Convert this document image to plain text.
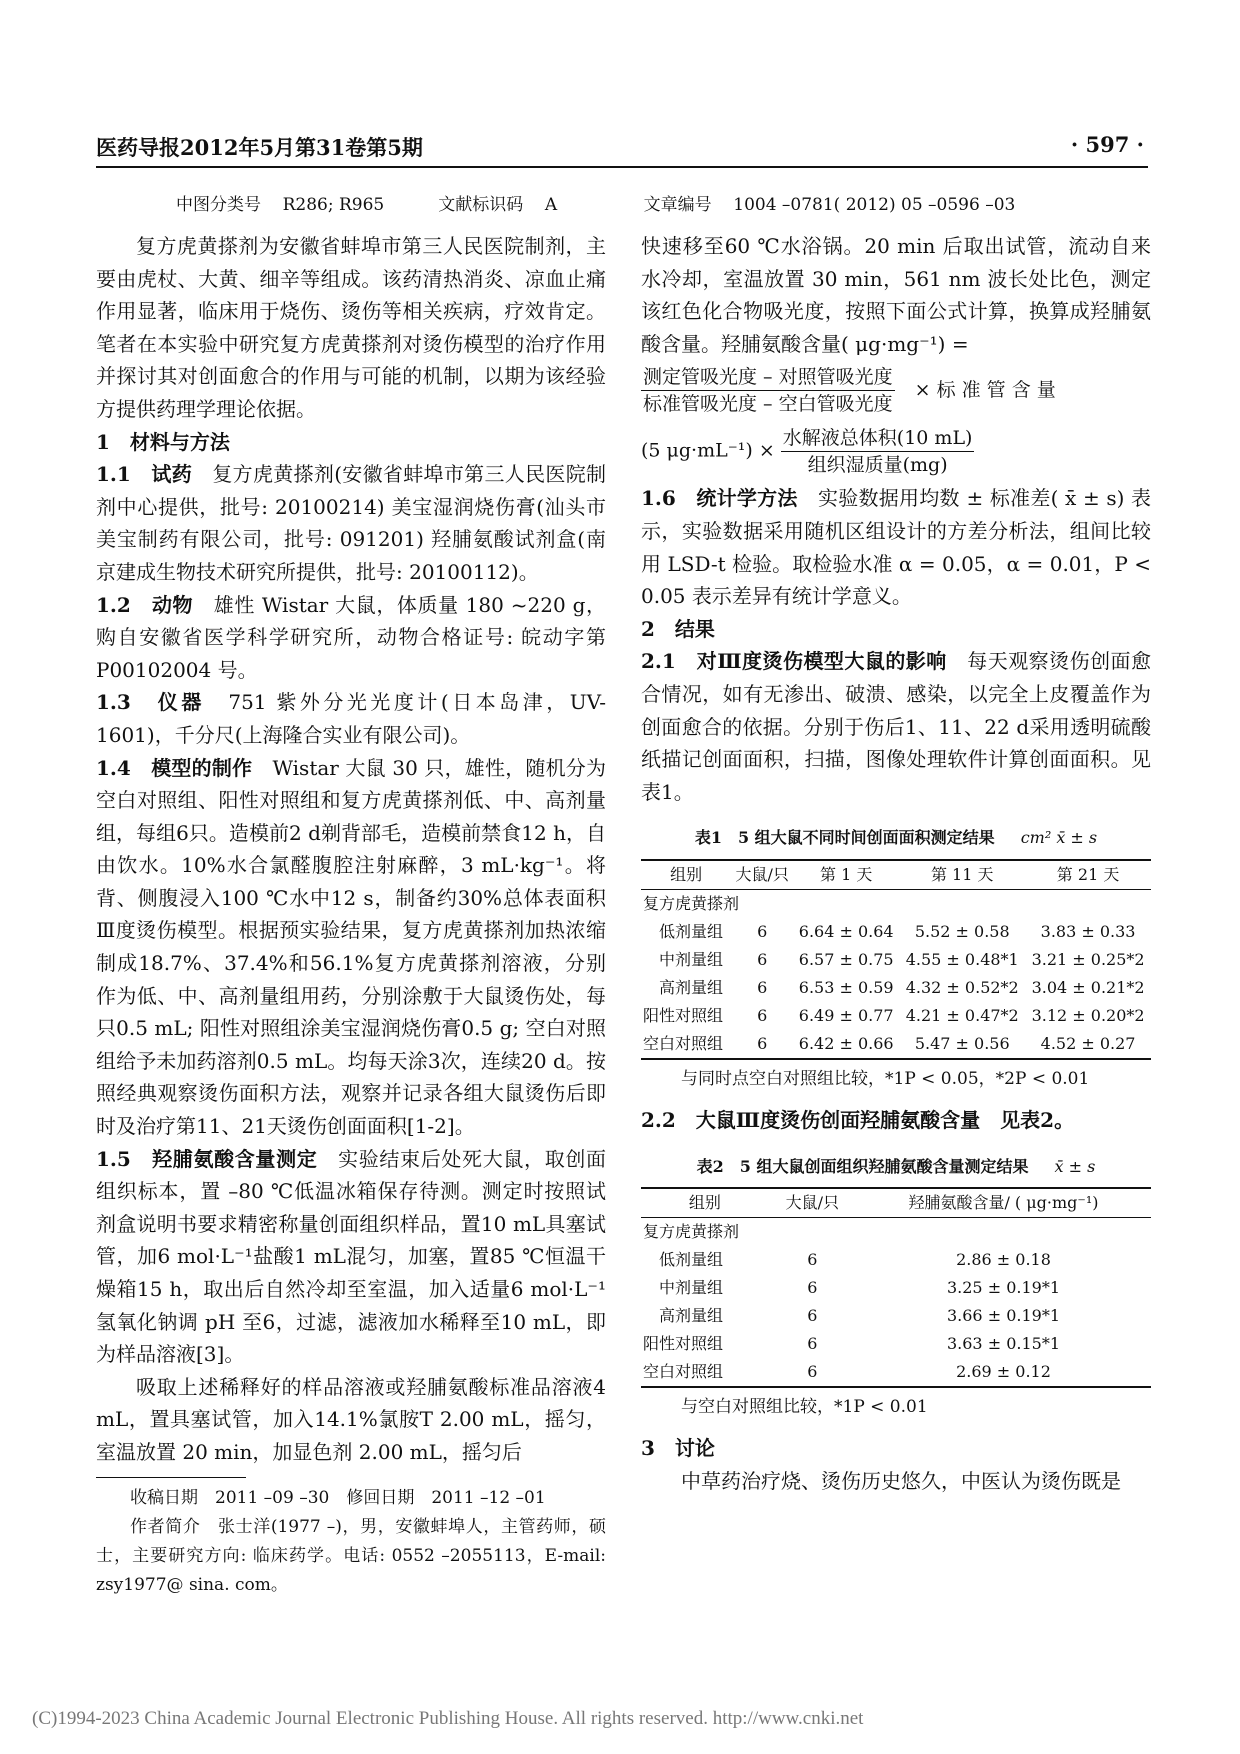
医药导报2012年5月第31卷第5期	· 597 ·
中图分类号    R286; R965          文献标识码    A                文章编号    1004 –0781( 2012) 05 –0596 –03

复方虎黄搽剂为安徽省蚌埠市第三人民医院制剂，主要由虎杖、大黄、细辛等组成。该药清热消炎、凉血止痛作用显著，临床用于烧伤、烫伤等相关疾病，疗效肯定。笔者在本实验中研究复方虎黄搽剂对烫伤模型的治疗作用并探讨其对创面愈合的作用与可能的机制，以期为该经验方提供药理学理论依据。

1　材料与方法

1.1　试药　 复方虎黄搽剂(安徽省蚌埠市第三人民医院制剂中心提供，批号: 20100214) 美宝湿润烧伤膏(汕头市美宝制药有限公司，批号: 091201) 羟脯氨酸试剂盒(南京建成生物技术研究所提供，批号: 20100112)。

1.2　动物　 雄性 Wistar 大鼠，体质量 180 ~220 g，购自安徽省医学科学研究所，动物合格证号: 皖动字第P00102004 号。

1.3　仪器　 751 紫外分光光度计(日本岛津，UV-1601)，千分尺(上海隆合实业有限公司)。

1.4　模型的制作　 Wistar 大鼠 30 只，雄性，随机分为空白对照组、阳性对照组和复方虎黄搽剂低、中、高剂量组，每组6只。造模前2 d剃背部毛，造模前禁食12 h，自由饮水。10%水合氯醛腹腔注射麻醉，3 mL·kg⁻¹。将背、侧腹浸入100 ℃水中12 s，制备约30%总体表面积Ⅲ度烫伤模型。根据预实验结果，复方虎黄搽剂加热浓缩制成18.7%、37.4%和56.1%复方虎黄搽剂溶液，分别作为低、中、高剂量组用药，分别涂敷于大鼠烫伤处，每只0.5 mL; 阳性对照组涂美宝湿润烧伤膏0.5 g; 空白对照组给予未加药溶剂0.5 mL。均每天涂3次，连续20 d。按照经典观察烫伤面积方法，观察并记录各组大鼠烫伤后即时及治疗第11、21天烫伤创面面积[1-2]。

1.5　羟脯氨酸含量测定　 实验结束后处死大鼠，取创面组织标本，置 –80 ℃低温冰箱保存待测。测定时按照试剂盒说明书要求精密称量创面组织样品，置10 mL具塞试管，加6 mol·L⁻¹盐酸1 mL混匀，加塞，置85 ℃恒温干燥箱15 h，取出后自然冷却至室温，加入适量6 mol·L⁻¹氢氧化钠调 pH 至6，过滤，滤液加水稀释至10 mL，即为样品溶液[3]。

吸取上述稀释好的样品溶液或羟脯氨酸标准品溶液4 mL，置具塞试管，加入14.1%氯胺T 2.00 mL，摇匀，室温放置 20 min，加显色剂 2.00 mL，摇匀后

收稿日期　2011 –09 –30　修回日期　2011 –12 –01
作者简介　张士洋(1977 –)，男，安徽蚌埠人，主管药师，硕士，主要研究方向: 临床药学。电话: 0552 –2055113，E-mail: zsy1977@ sina. com。

快速移至60 ℃水浴锅。20 min 后取出试管，流动自来水冷却，室温放置 30 min，561 nm 波长处比色，测定该红色化合物吸光度，按照下面公式计算，换算成羟脯氨酸含量。羟脯氨酸含量( μg·mg⁻¹) =

$\frac{\text{测定管吸光度 – 对照管吸光度}}{\text{标准管吸光度 – 空白管吸光度}}$ × 标 准 管 含 量
(5 $\mu g\cdot mL^{-1}) \times \frac{\text{水解液总体积(10 mL)}}{\text{组织湿质量(mg)}}$

1.6　统计学方法　 实验数据用均数 ± 标准差( x̄ ± s) 表示，实验数据采用随机区组设计的方差分析法，组间比较用 LSD-t 检验。取检验水准 α = 0.05，α = 0.01，P < 0.05 表示差异有统计学意义。

2　结果

2.1　对Ⅲ度烫伤模型大鼠的影响　 每天观察烫伤创面愈合情况，如有无渗出、破溃、感染，以完全上皮覆盖作为创面愈合的依据。分别于伤后1、11、22 d采用透明硫酸纸描记创面面积，扫描，图像处理软件计算创面面积。见表1。

表1　5 组大鼠不同时间创面面积测定结果 cm² x̄ ± s
组别	大鼠/只	第 1 天	第 11 天	第 21 天
复方虎黄搽剂				
低剂量组	6	6.64 ± 0.64	5.52 ± 0.58	3.83 ± 0.33
中剂量组	6	6.57 ± 0.75	4.55 ± 0.48*1	3.21 ± 0.25*2
高剂量组	6	6.53 ± 0.59	4.32 ± 0.52*2	3.04 ± 0.21*2
阳性对照组	6	6.49 ± 0.77	4.21 ± 0.47*2	3.12 ± 0.20*2
空白对照组	6	6.42 ± 0.66	5.47 ± 0.56	4.52 ± 0.27
与同时点空白对照组比较，*1P < 0.05，*2P < 0.01

2.2　大鼠Ⅲ度烫伤创面羟脯氨酸含量　见表2。

表2　5 组大鼠创面组织羟脯氨酸含量测定结果 x̄ ± s
组别	大鼠/只	羟脯氨酸含量/ ( μg·mg⁻¹)
复方虎黄搽剂		
低剂量组	6	2.86 ± 0.18
中剂量组	6	3.25 ± 0.19*1
高剂量组	6	3.66 ± 0.19*1
阳性对照组	6	3.63 ± 0.15*1
空白对照组	6	2.69 ± 0.12
与空白对照组比较，*1P < 0.01

3　讨论

中草药治疗烧、烫伤历史悠久，中医认为烫伤既是

(C)1994-2023 China Academic Journal Electronic Publishing House. All rights reserved. http://www.cnki.net
